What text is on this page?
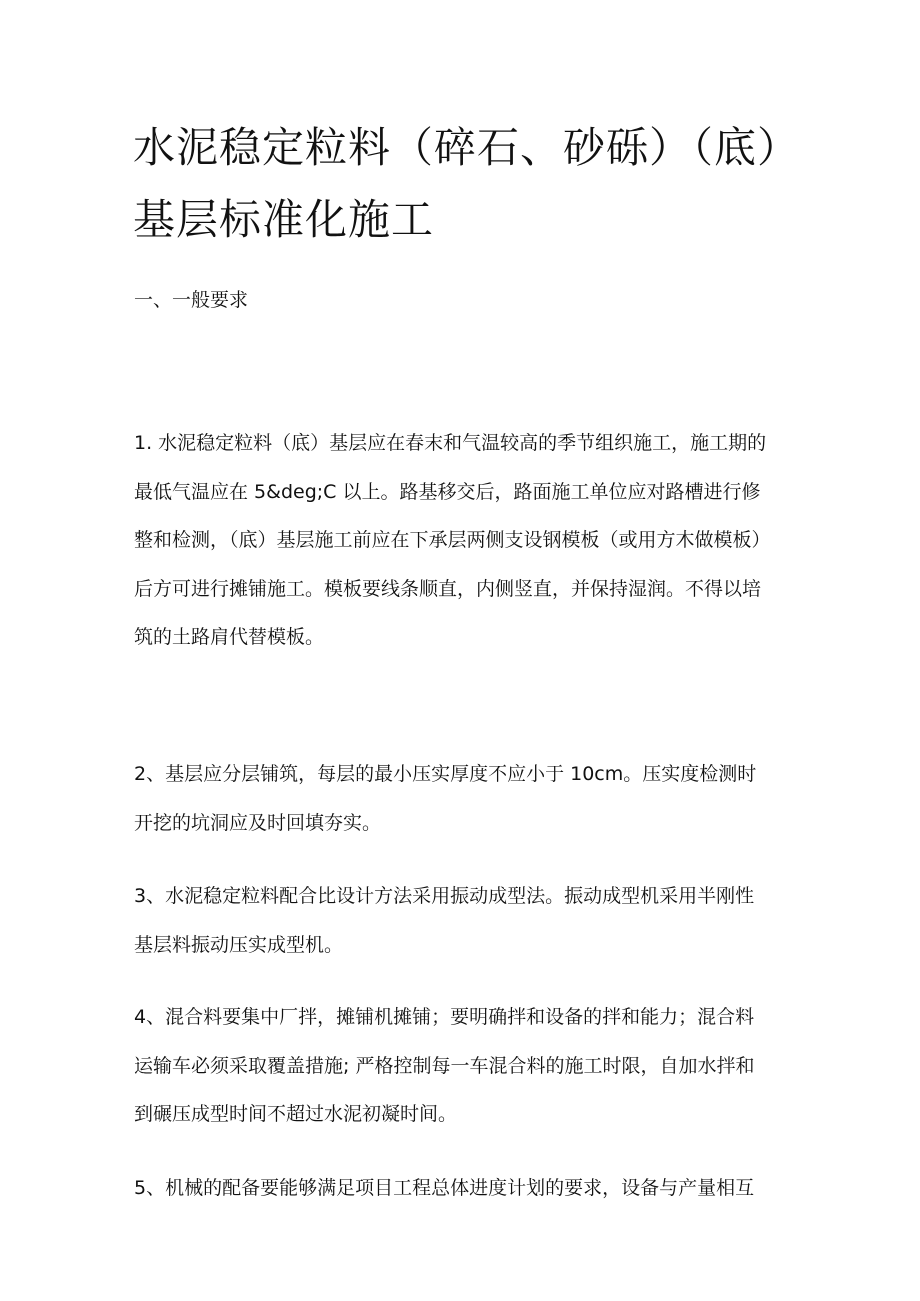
水泥稳定粒料（碎石、砂砾）（底）
基层标准化施工
一、一般要求

1. 水泥稳定粒料（底）基层应在春末和气温较高的季节组织施工，施工期的
最低气温应在 5&deg;C 以上。路基移交后，路面施工单位应对路槽进行修
整和检测，（底）基层施工前应在下承层两侧支设钢模板（或用方木做模板）
后方可进行摊铺施工。模板要线条顺直，内侧竖直，并保持湿润。不得以培
筑的土路肩代替模板。

2、基层应分层铺筑，每层的最小压实厚度不应小于 10cm。压实度检测时
开挖的坑洞应及时回填夯实。

3、水泥稳定粒料配合比设计方法采用振动成型法。振动成型机采用半刚性
基层料振动压实成型机。

4、混合料要集中厂拌，摊铺机摊铺；要明确拌和设备的拌和能力；混合料
运输车必须采取覆盖措施; 严格控制每一车混合料的施工时限，自加水拌和
到碾压成型时间不超过水泥初凝时间。

5、机械的配备要能够满足项目工程总体进度计划的要求，设备与产量相互
